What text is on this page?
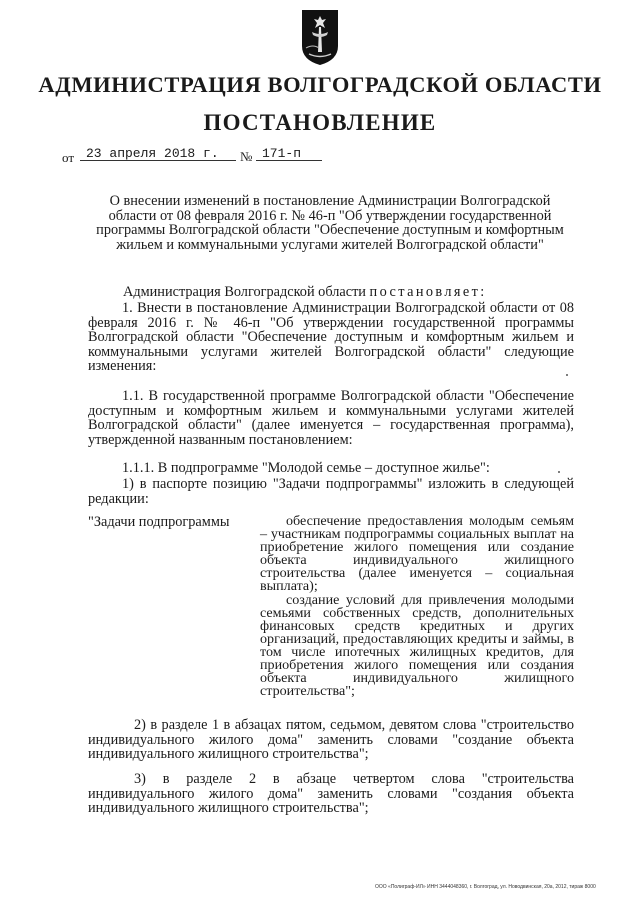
АДМИНИСТРАЦИЯ ВОЛГОГРАДСКОЙ ОБЛАСТИ
ПОСТАНОВЛЕНИЕ
от 23 апреля 2018 г. № 171-п
О внесении изменений в постановление Администрации Волгоградской области от 08 февраля 2016 г. № 46-п "Об утверждении государственной программы Волгоградской области "Обеспечение доступным и комфортным жильем и коммунальными услугами жителей Волгоградской области"
Администрация Волгоградской области постановляет:
1. Внести в постановление Администрации Волгоградской области от 08 февраля 2016 г. № 46-п "Об утверждении государственной программы Волгоградской области "Обеспечение доступным и комфортным жильем и коммунальными услугами жителей Волгоградской области" следующие изменения:
1.1. В государственной программе Волгоградской области "Обеспечение доступным и комфортным жильем и коммунальными услугами жителей Волгоградской области" (далее именуется – государственная программа), утвержденной названным постановлением:
1.1.1. В подпрограмме "Молодой семье – доступное жилье":
1) в паспорте позицию "Задачи подпрограммы" изложить в следующей редакции:
"Задачи подпрограммы	обеспечение предоставления молодым семьям – участникам подпрограммы социальных выплат на приобретение жилого помещения или создание объекта индивидуального жилищного строительства (далее именуется – социальная выплата);
создание условий для привлечения молодыми семьями собственных средств, дополнительных финансовых средств кредитных и других организаций, предоставляющих кредиты и займы, в том числе ипотечных жилищных кредитов, для приобретения жилого помещения или создания объекта индивидуального жилищного строительства";
2) в разделе 1 в абзацах пятом, седьмом, девятом слова "строительство индивидуального жилого дома" заменить словами "создание объекта индивидуального жилищного строительства";
3) в разделе 2 в абзаце четвертом слова "строительства индивидуального жилого дома" заменить словами "создания объекта индивидуального жилищного строительства";
ООО «Полиграф-ИЛ» ИНН 3444048360, г. Волгоград, ул. Новодвинская, 20а, 2012, тираж 8000
